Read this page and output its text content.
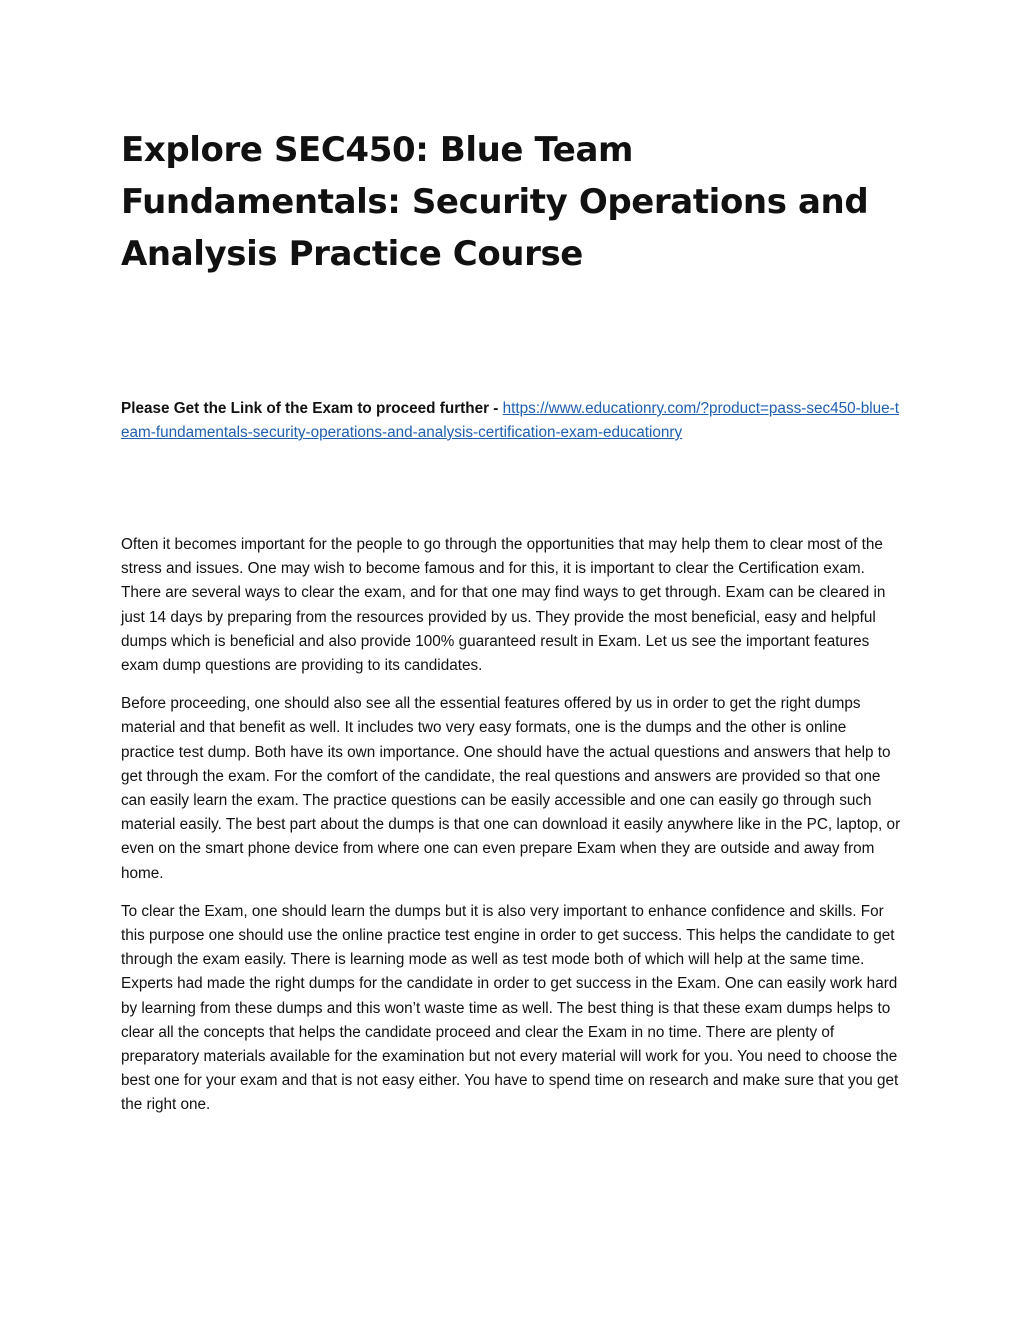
Explore SEC450: Blue Team Fundamentals: Security Operations and Analysis Practice Course

Please Get the Link of the Exam to proceed further - https://www.educationry.com/?product=pass-sec450-blue-team-fundamentals-security-operations-and-analysis-certification-exam-educationry

Often it becomes important for the people to go through the opportunities that may help them to clear most of the stress and issues. One may wish to become famous and for this, it is important to clear the Certification exam. There are several ways to clear the exam, and for that one may find ways to get through. Exam can be cleared in just 14 days by preparing from the resources provided by us. They provide the most beneficial, easy and helpful dumps which is beneficial and also provide 100% guaranteed result in Exam. Let us see the important features exam dump questions are providing to its candidates.

Before proceeding, one should also see all the essential features offered by us in order to get the right dumps material and that benefit as well. It includes two very easy formats, one is the dumps and the other is online practice test dump. Both have its own importance. One should have the actual questions and answers that help to get through the exam. For the comfort of the candidate, the real questions and answers are provided so that one can easily learn the exam. The practice questions can be easily accessible and one can easily go through such material easily. The best part about the dumps is that one can download it easily anywhere like in the PC, laptop, or even on the smart phone device from where one can even prepare Exam when they are outside and away from home.

To clear the Exam, one should learn the dumps but it is also very important to enhance confidence and skills. For this purpose one should use the online practice test engine in order to get success. This helps the candidate to get through the exam easily. There is learning mode as well as test mode both of which will help at the same time. Experts had made the right dumps for the candidate in order to get success in the Exam. One can easily work hard by learning from these dumps and this won’t waste time as well. The best thing is that these exam dumps helps to clear all the concepts that helps the candidate proceed and clear the Exam in no time. There are plenty of preparatory materials available for the examination but not every material will work for you. You need to choose the best one for your exam and that is not easy either. You have to spend time on research and make sure that you get the right one.
